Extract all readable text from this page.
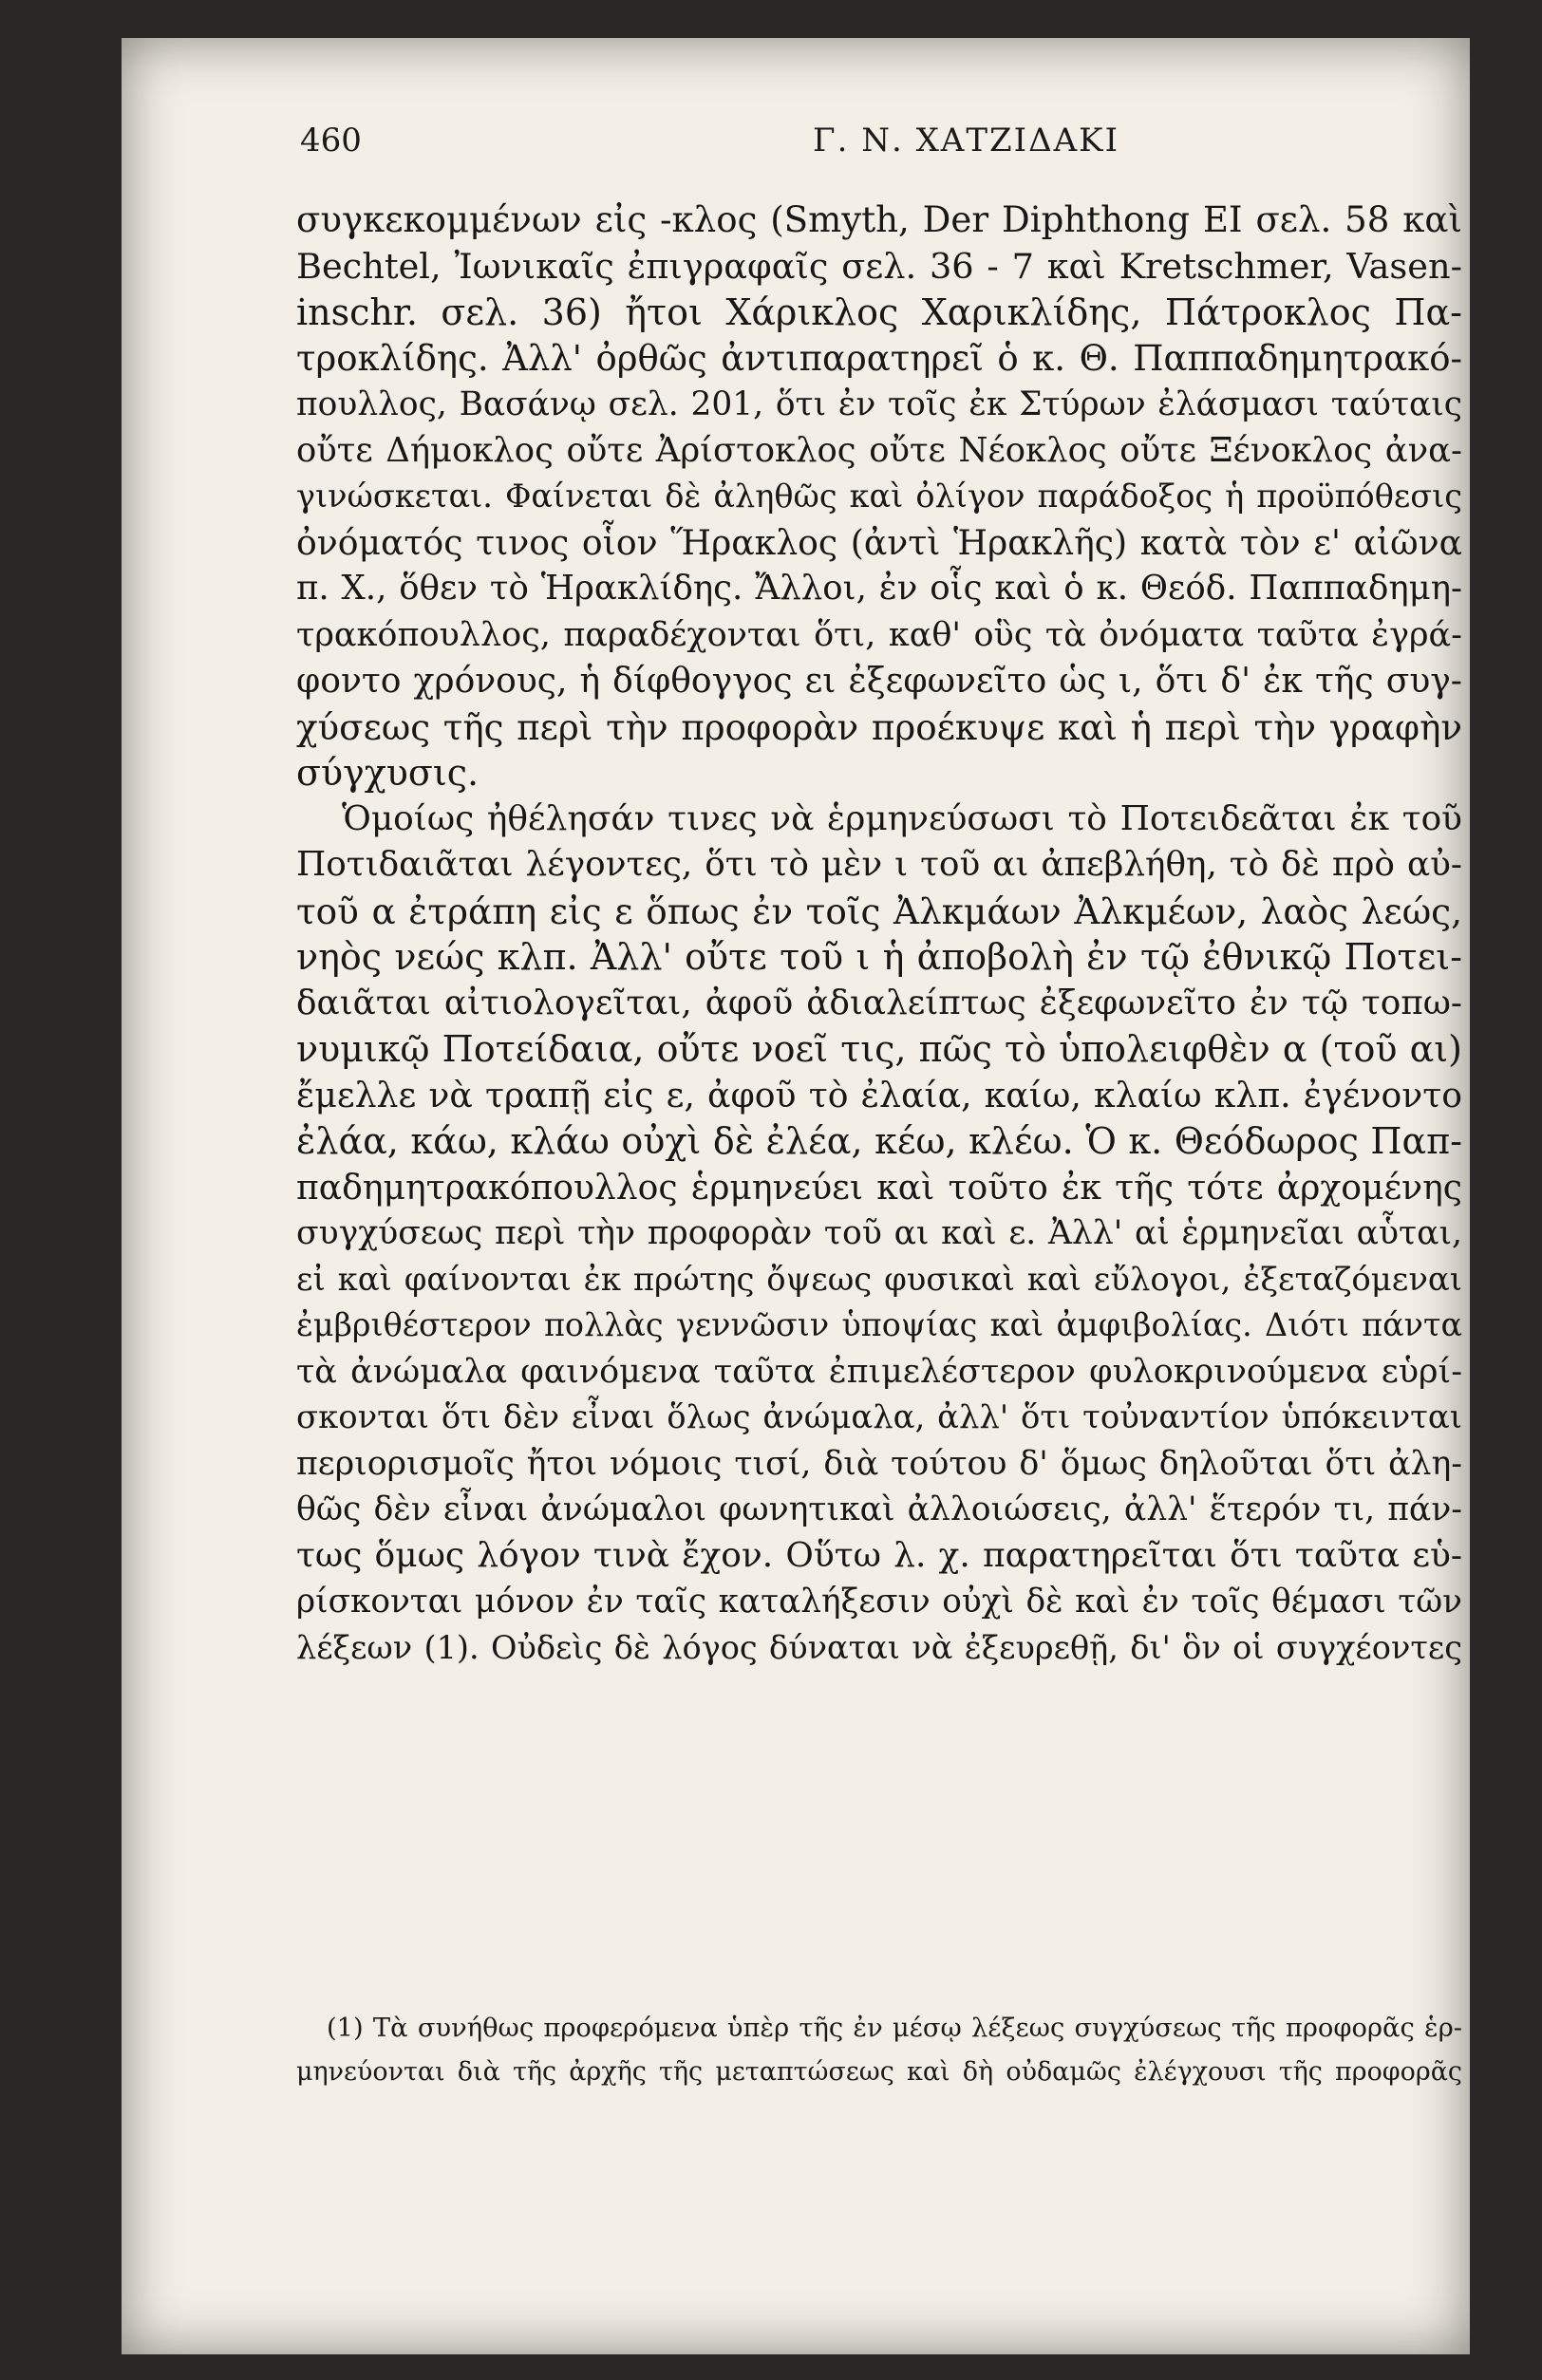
460	Γ. Ν. ΧΑΤΖΙΔΑΚΙ
συγκεκομμένων εἰς -κλος (Smyth, Der Diphthong EI σελ. 58 καὶ
Bechtel, Ἰωνικαῖς ἐπιγραφαῖς σελ. 36 - 7 καὶ Kretschmer, Vasen-
inschr. σελ. 36) ἤτοι Χάρικλος Χαρικλίδης, Πάτροκλος Πα-
τροκλίδης. Ἀλλ' ὀρθῶς ἀντιπαρατηρεῖ ὁ κ. Θ. Παππαδημητρακό-
πουλλος, Βασάνῳ σελ. 201, ὅτι ἐν τοῖς ἐκ Στύρων ἐλάσμασι ταύταις
οὔτε Δήμοκλος οὔτε Ἀρίστοκλος οὔτε Νέοκλος οὔτε Ξένοκλος ἀνα-
γινώσκεται. Φαίνεται δὲ ἀληθῶς καὶ ὀλίγον παράδοξος ἡ προϋπόθεσις
ὀνόματός τινος οἷον Ἥρακλος (ἀντὶ Ἡρακλῆς) κατὰ τὸν ε' αἰῶνα
π. Χ., ὅθεν τὸ Ἡρακλίδης. Ἄλλοι, ἐν οἷς καὶ ὁ κ. Θεόδ. Παππαδημη-
τρακόπουλλος, παραδέχονται ὅτι, καθ' οὓς τὰ ὀνόματα ταῦτα ἐγρά-
φοντο χρόνους, ἡ δίφθογγος ει ἐξεφωνεῖτο ὡς ι, ὅτι δ' ἐκ τῆς συγ-
χύσεως τῆς περὶ τὴν προφορὰν προέκυψε καὶ ἡ περὶ τὴν γραφὴν
σύγχυσις.
Ὁμοίως ἠθέλησάν τινες νὰ ἑρμηνεύσωσι τὸ Ποτειδεᾶται ἐκ τοῦ
Ποτιδαιᾶται λέγοντες, ὅτι τὸ μὲν ι τοῦ αι ἀπεβλήθη, τὸ δὲ πρὸ αὐ-
τοῦ α ἐτράπη εἰς ε ὅπως ἐν τοῖς Ἀλκμάων Ἀλκμέων, λαὸς λεώς,
νηὸς νεώς κλπ. Ἀλλ' οὔτε τοῦ ι ἡ ἀποβολὴ ἐν τῷ ἐθνικῷ Ποτει-
δαιᾶται αἰτιολογεῖται, ἀφοῦ ἀδιαλείπτως ἐξεφωνεῖτο ἐν τῷ τοπω-
νυμικῷ Ποτείδαια, οὔτε νοεῖ τις, πῶς τὸ ὑπολειφθὲν α (τοῦ αι)
ἔμελλε νὰ τραπῇ εἰς ε, ἀφοῦ τὸ ἐλαία, καίω, κλαίω κλπ. ἐγένοντο
ἐλάα, κάω, κλάω οὐχὶ δὲ ἐλέα, κέω, κλέω. Ὁ κ. Θεόδωρος Παπ-
παδημητρακόπουλλος ἑρμηνεύει καὶ τοῦτο ἐκ τῆς τότε ἀρχομένης
συγχύσεως περὶ τὴν προφορὰν τοῦ αι καὶ ε. Ἀλλ' αἱ ἑρμηνεῖαι αὗται,
εἰ καὶ φαίνονται ἐκ πρώτης ὄψεως φυσικαὶ καὶ εὔλογοι, ἐξεταζόμεναι
ἐμβριθέστερον πολλὰς γεννῶσιν ὑποψίας καὶ ἀμφιβολίας. Διότι πάντα
τὰ ἀνώμαλα φαινόμενα ταῦτα ἐπιμελέστερον φυλοκρινούμενα εὑρί-
σκονται ὅτι δὲν εἶναι ὅλως ἀνώμαλα, ἀλλ' ὅτι τοὐναντίον ὑπόκεινται
περιορισμοῖς ἤτοι νόμοις τισί, διὰ τούτου δ' ὅμως δηλοῦται ὅτι ἀλη-
θῶς δὲν εἶναι ἀνώμαλοι φωνητικαὶ ἀλλοιώσεις, ἀλλ' ἕτερόν τι, πάν-
τως ὅμως λόγον τινὰ ἔχον. Οὕτω λ. χ. παρατηρεῖται ὅτι ταῦτα εὑ-
ρίσκονται μόνον ἐν ταῖς καταλήξεσιν οὐχὶ δὲ καὶ ἐν τοῖς θέμασι τῶν
λέξεων (1). Οὐδεὶς δὲ λόγος δύναται νὰ ἐξευρεθῇ, δι' ὃν οἱ συγχέοντες
(1) Τὰ συνήθως προφερόμενα ὑπὲρ τῆς ἐν μέσῳ λέξεως συγχύσεως τῆς προφορᾶς ἑρ-
μηνεύονται διὰ τῆς ἀρχῆς τῆς μεταπτώσεως καὶ δὴ οὐδαμῶς ἐλέγχουσι τῆς προφορᾶς
